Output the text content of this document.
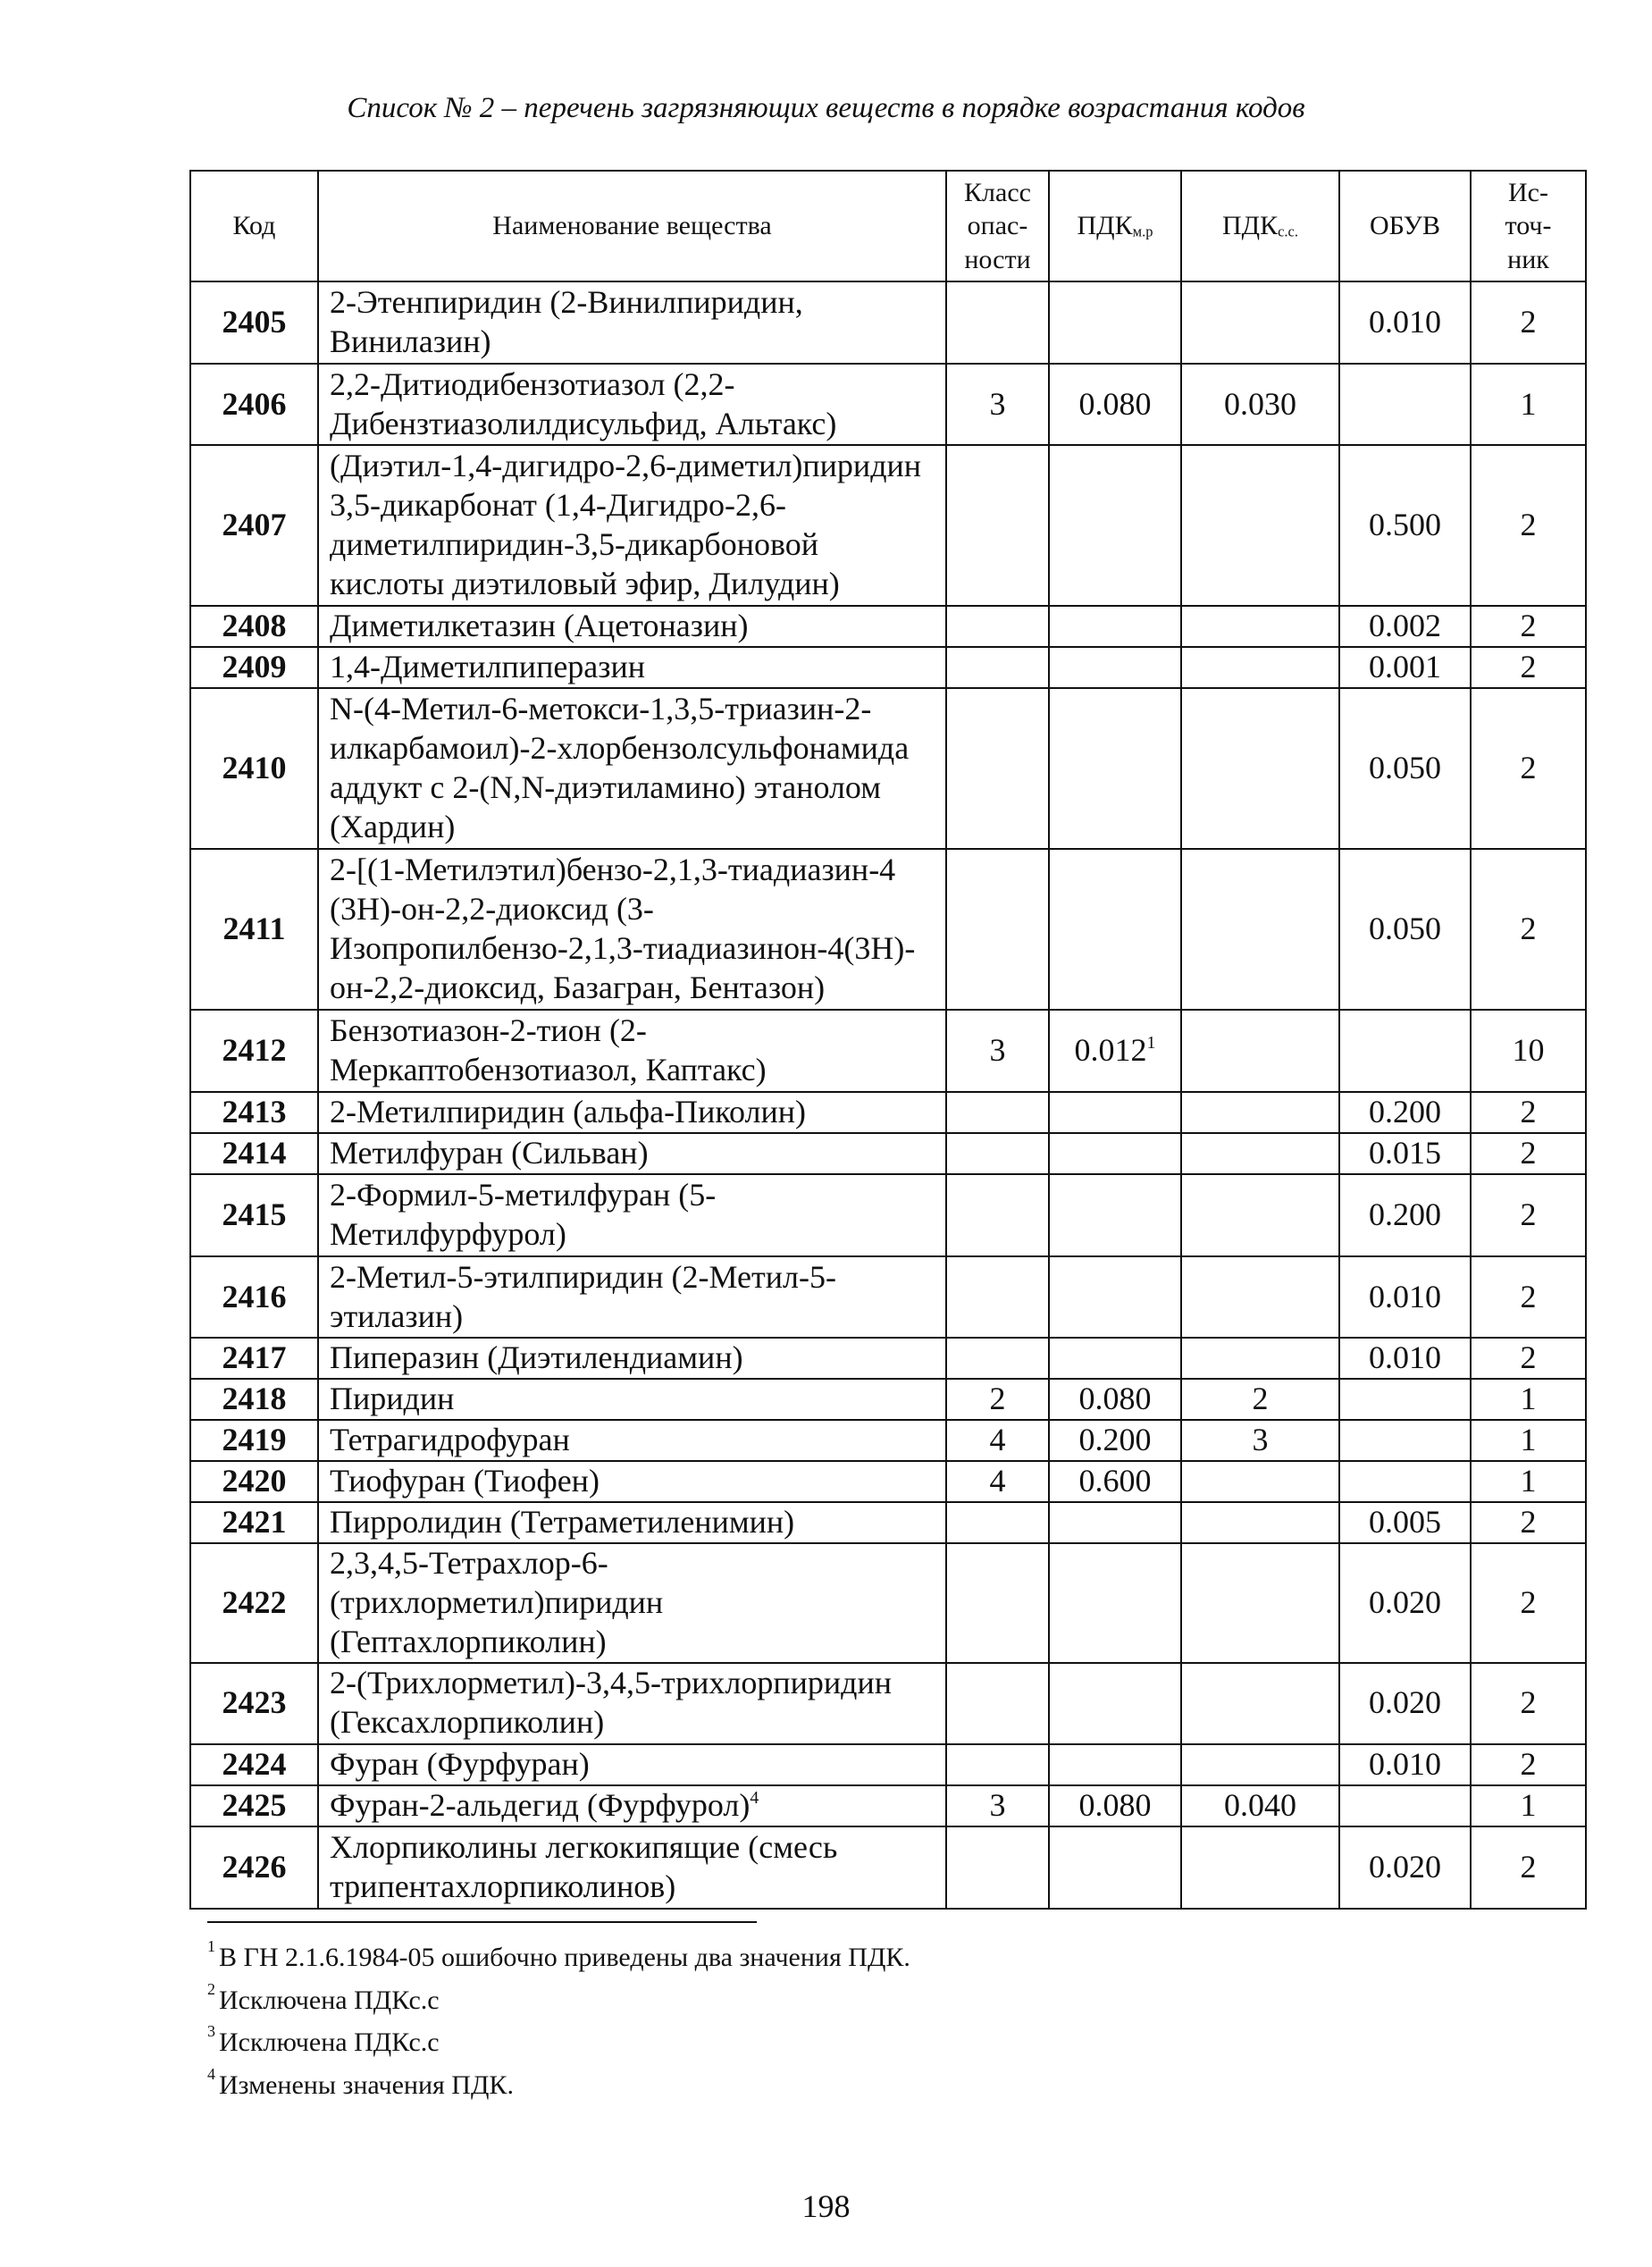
Список № 2 – перечень загрязняющих веществ в порядке возрастания кодов
Код	Наименование вещества	Класс опас- ности	ПДКм.р	ПДКс.с.	ОБУВ	Ис- точ- ник
2405	2-Этенпиридин (2-Винилпиридин, Винилазин)				0.010	2
2406	2,2-Дитиодибензотиазол (2,2-Дибензтиазолилдисульфид, Альтакс)	3	0.080	0.030		1
2407	(Диэтил-1,4-дигидро-2,6-диметил)пиридин 3,5-дикарбонат (1,4-Дигидро-2,6-диметилпиридин-3,5-дикарбоновой кислоты диэтиловый эфир, Дилудин)				0.500	2
2408	Диметилкетазин (Ацетоназин)				0.002	2
2409	1,4-Диметилпиперазин				0.001	2
2410	N-(4-Метил-6-метокси-1,3,5-триазин-2-илкарбамоил)-2-хлорбензолсульфонамида аддукт с 2-(N,N-диэтиламино) этанолом (Хардин)				0.050	2
2411	2-[(1-Метилэтил)бензо-2,1,3-тиадиазин-4 (3Н)-он-2,2-диоксид (3-Изопропилбензо-2,1,3-тиадиазинон-4(3Н)-он-2,2-диоксид, Базагран, Бентазон)				0.050	2
2412	Бензотиазон-2-тион (2-Меркаптобензотиазол, Каптакс)	3	0.012$^1$			10
2413	2-Метилпиридин (альфа-Пиколин)				0.200	2
2414	Метилфуран (Сильван)				0.015	2
2415	2-Формил-5-метилфуран (5-Метилфурфурол)				0.200	2
2416	2-Метил-5-этилпиридин (2-Метил-5-этилазин)				0.010	2
2417	Пиперазин (Диэтилендиамин)				0.010	2
2418	Пиридин	2	0.080	2		1
2419	Тетрагидрофуран	4	0.200	3		1
2420	Тиофуран (Тиофен)	4	0.600			1
2421	Пирролидин (Тетраметиленимин)				0.005	2
2422	2,3,4,5-Тетрахлор-6-(трихлорметил)пиридин (Гептахлорпиколин)				0.020	2
2423	2-(Трихлорметил)-3,4,5-трихлорпиридин (Гексахлорпиколин)				0.020	2
2424	Фуран (Фурфуран)				0.010	2
2425	Фуран-2-альдегид (Фурфурол)$^4$	3	0.080	0.040		1
2426	Хлорпиколины легкокипящие (смесь трипентахлорпиколинов)				0.020	2
$^1$ В ГН 2.1.6.1984-05 ошибочно приведены два значения ПДК.
$^2$ Исключена ПДКс.с
$^3$ Исключена ПДКс.с
$^4$ Изменены значения ПДК.
198
